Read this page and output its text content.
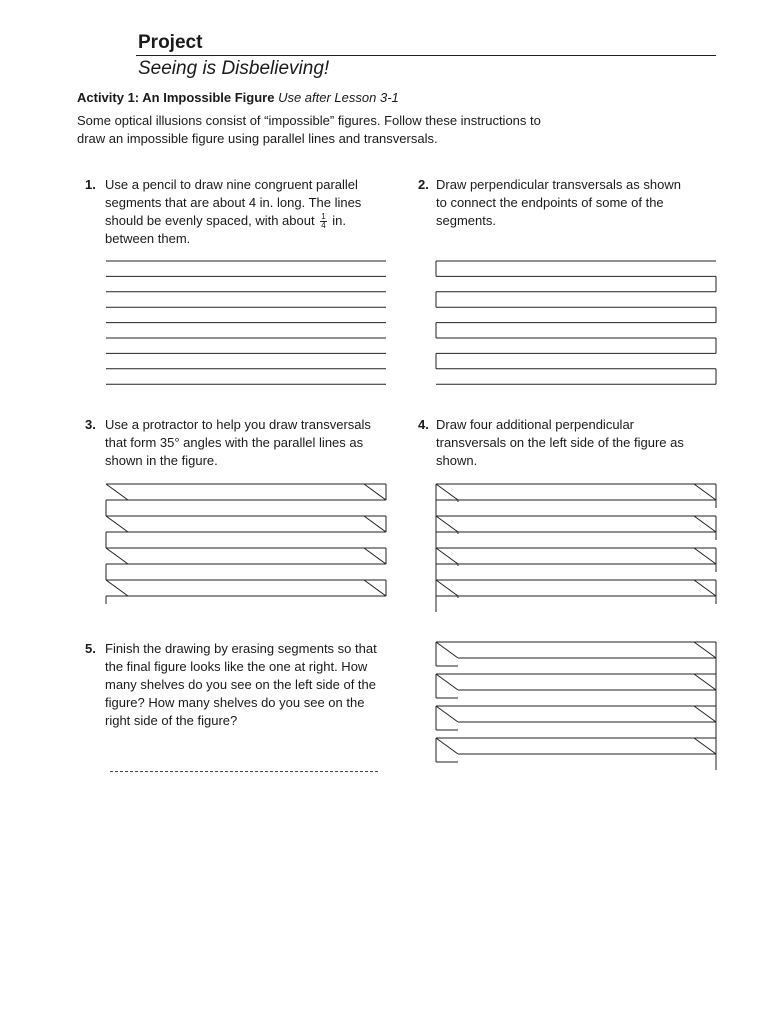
Project
Seeing is Disbelieving!
Activity 1: An Impossible Figure Use after Lesson 3-1
Some optical illusions consist of “impossible” figures. Follow these instructions to draw an impossible figure using parallel lines and transversals.
1. Use a pencil to draw nine congruent parallel segments that are about 4 in. long. The lines should be evenly spaced, with about $\frac{1}{4}$ in. between them.
2. Draw perpendicular transversals as shown to connect the endpoints of some of the segments.
3. Use a protractor to help you draw transversals that form 35° angles with the parallel lines as shown in the figure.
4. Draw four additional perpendicular transversals on the left side of the figure as shown.
5. Finish the drawing by erasing segments so that the final figure looks like the one at right. How many shelves do you see on the left side of the figure? How many shelves do you see on the right side of the figure?
